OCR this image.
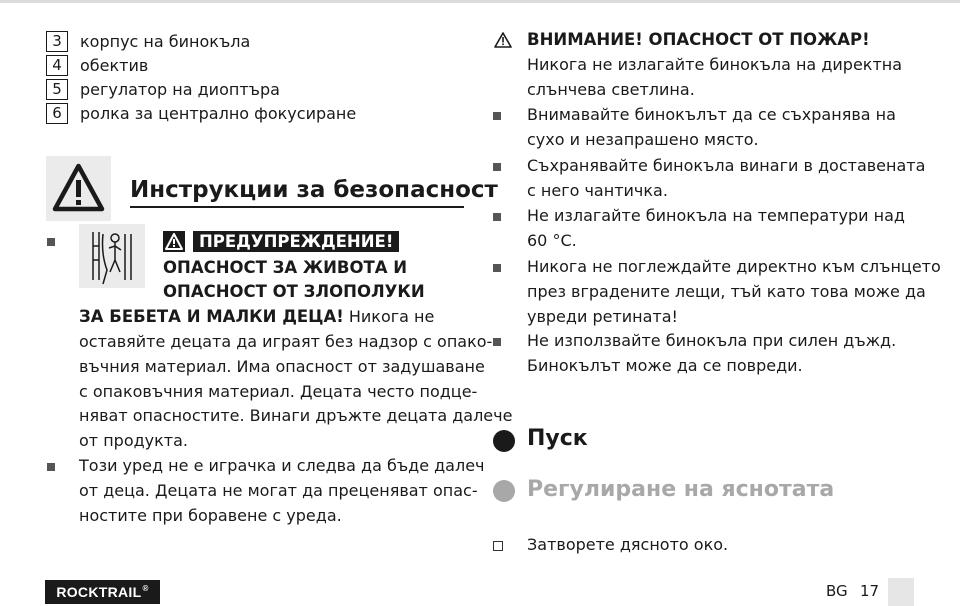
3	корпус на бинокъла
4	обектив
5	регулатор на диоптъра
6	ролка за централно фокусиране
Инструкции за безопасност
ПРЕДУПРЕЖДЕНИЕ!
ОПАСНОСТ ЗА ЖИВОТА И
ОПАСНОСТ ОТ ЗЛОПОЛУКИ
ЗА БЕБЕТА И МАЛКИ ДЕЦА! Никога не
оставяйте децата да играят без надзор с опако-
въчния материал. Има опасност от задушаване
с опаковъчния материал. Децата често подце-
няват опасностите. Винаги дръжте децата далече
от продукта.
Този уред не е играчка и следва да бъде далеч
от деца. Децата не могат да преценяват опас-
ностите при боравене с уреда.
ВНИМАНИЕ! ОПАСНОСТ ОТ ПОЖАР!
Никога не излагайте бинокъла на директна
слънчева светлина.
Внимавайте бинокълът да се съхранява на
сухо и незапрашено място.
Съхранявайте бинокъла винаги в доставената
с него чантичка.
Не излагайте бинокъла на температури над
60 °C.
Никога не поглеждайте директно към слънцето
през вградените лещи, тъй като това може да
увреди ретината!
Не използвайте бинокъла при силен дъжд.
Бинокълът може да се повреди.
Пуск
Регулиране на яснотата
Затворете дясното око.
ROCKTRAIL ®	BG 17
